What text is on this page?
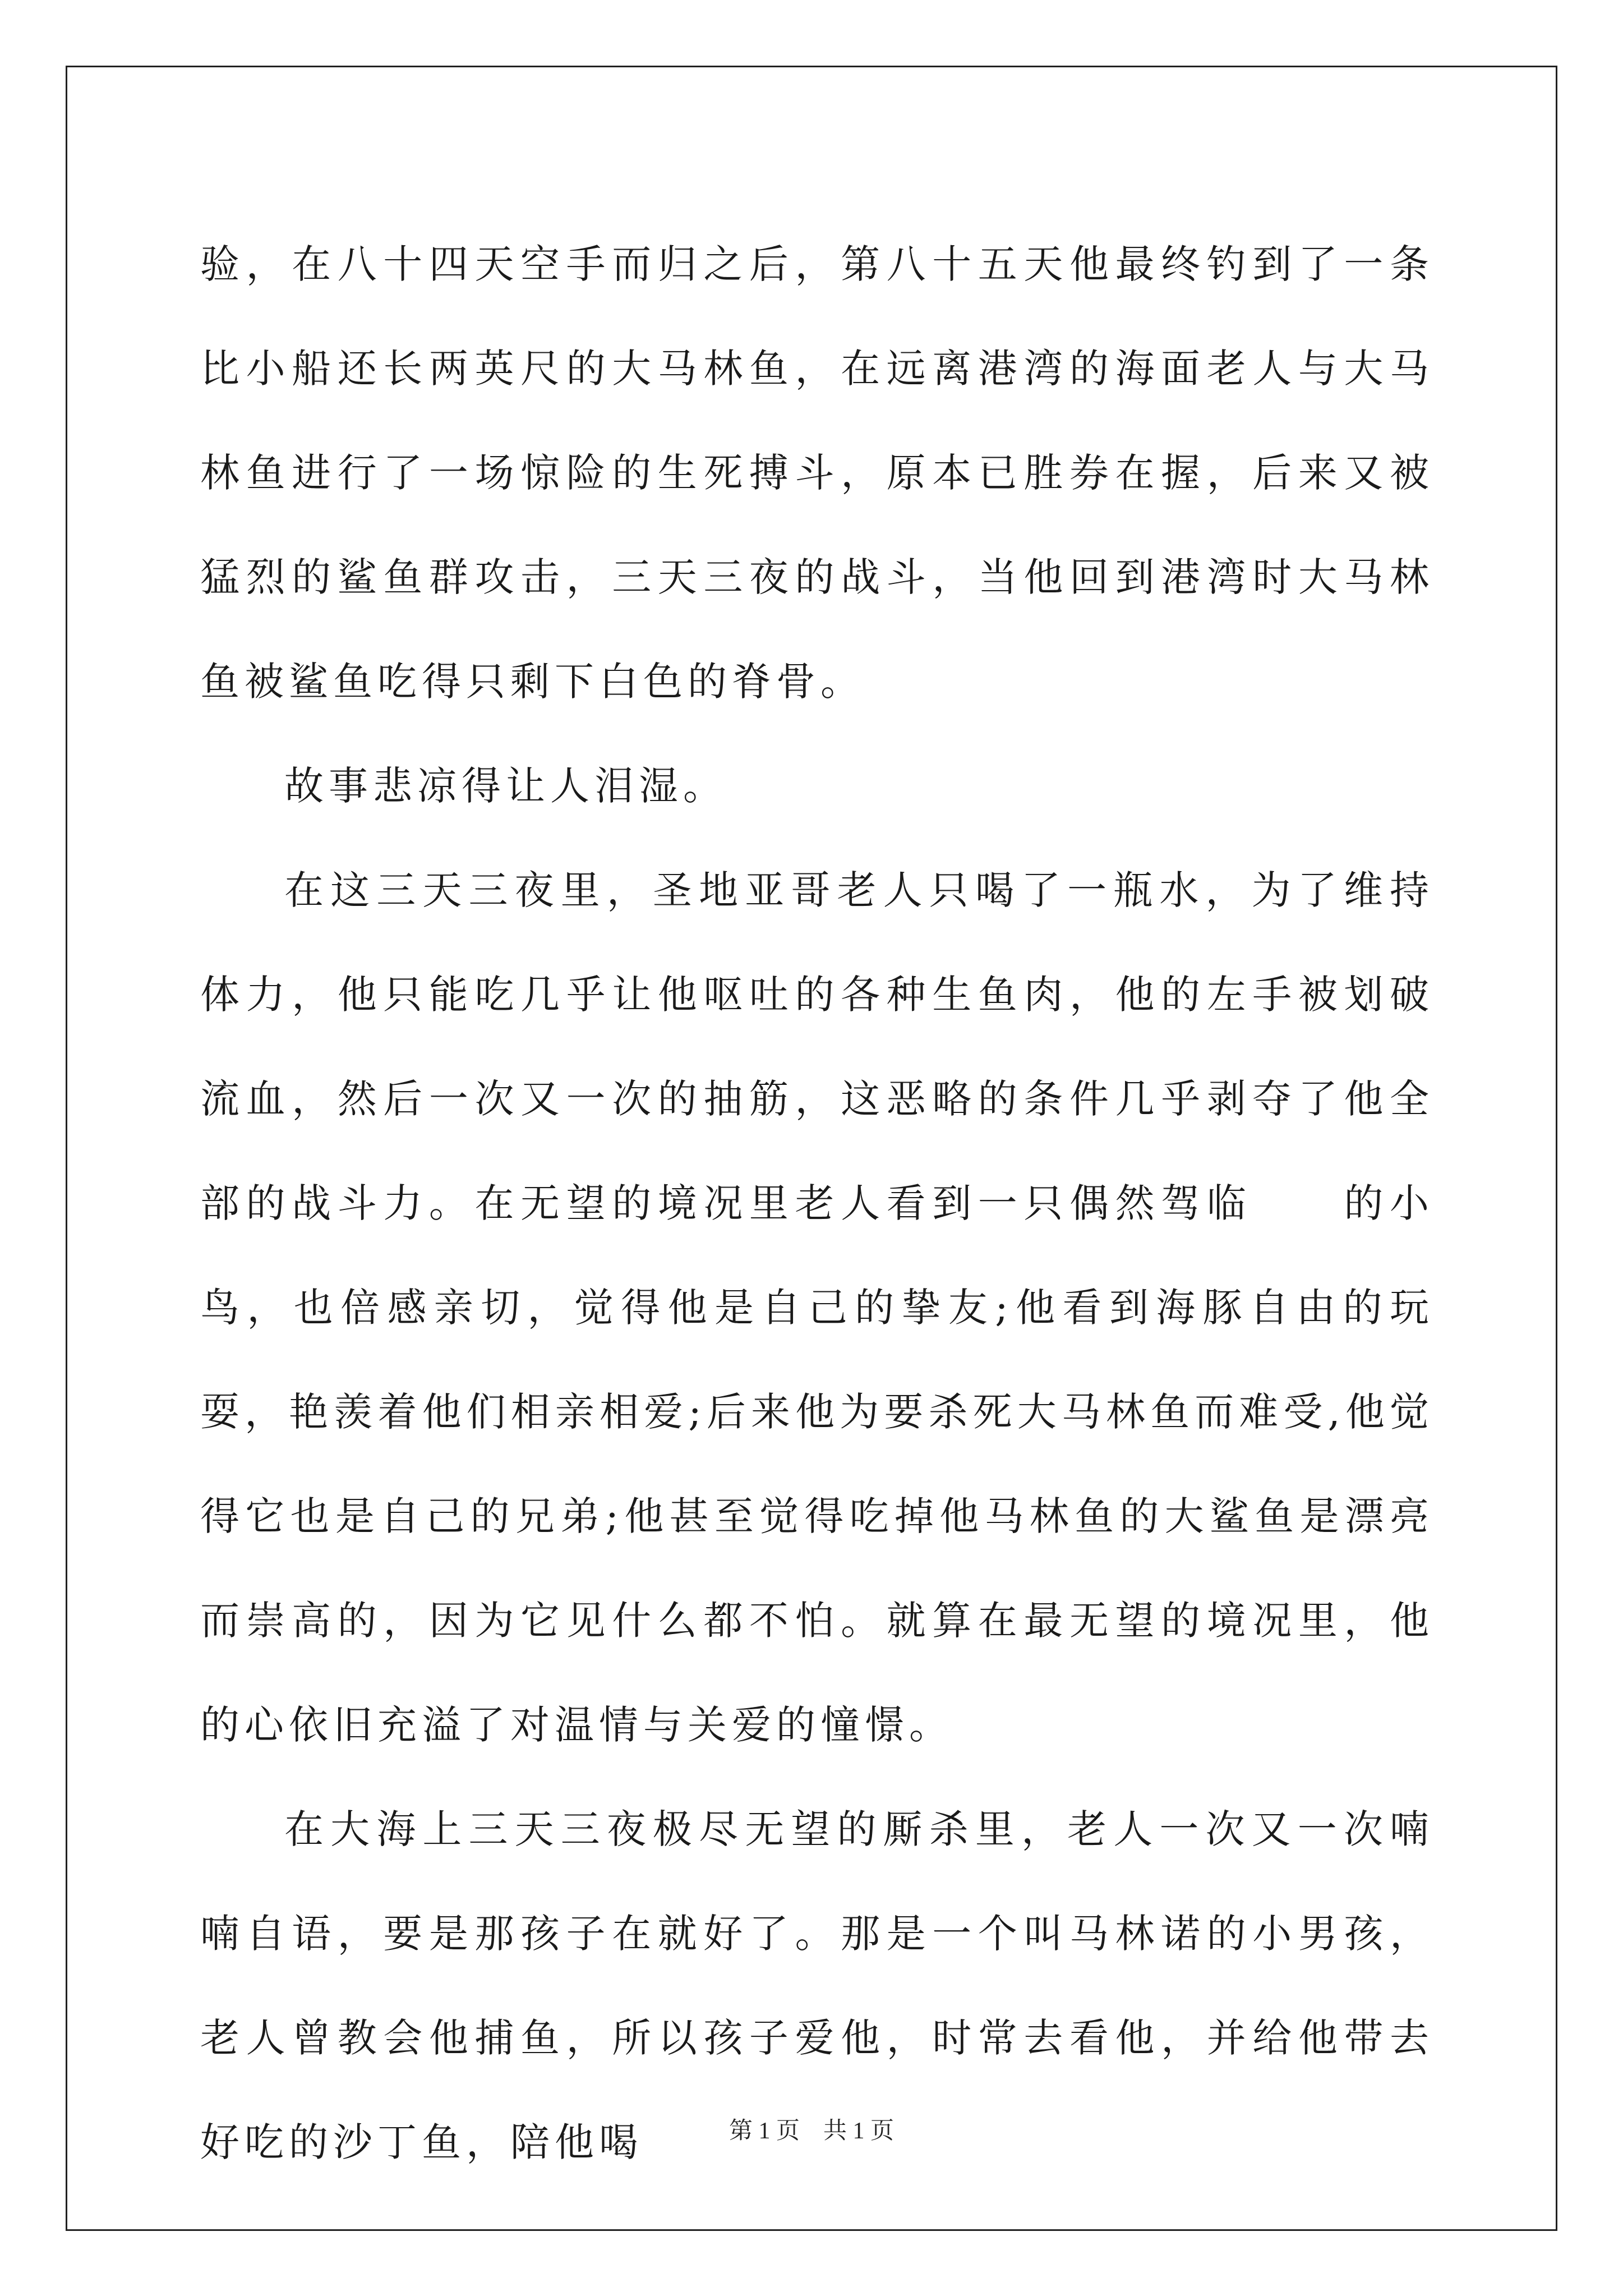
验，在八十四天空手而归之后，第八十五天他最终钓到了一条比小船还长两英尺的大马林鱼，在远离港湾的海面老人与大马林鱼进行了一场惊险的生死搏斗，原本已胜券在握，后来又被猛烈的鲨鱼群攻击，三天三夜的战斗，当他回到港湾时大马林鱼被鲨鱼吃得只剩下白色的脊骨。

故事悲凉得让人泪湿。

在这三天三夜里，圣地亚哥老人只喝了一瓶水，为了维持体力，他只能吃几乎让他呕吐的各种生鱼肉，他的左手被划破流血，然后一次又一次的抽筋，这恶略的条件几乎剥夺了他全部的战斗力。在无望的境况里老人看到一只偶然驾临　　的小鸟，也倍感亲切，觉得他是自己的挚友;他看到海豚自由的玩耍，艳羡着他们相亲相爱;后来他为要杀死大马林鱼而难受,他觉得它也是自己的兄弟;他甚至觉得吃掉他马林鱼的大鲨鱼是漂亮而崇高的，因为它见什么都不怕。就算在最无望的境况里，他的心依旧充溢了对温情与关爱的憧憬。

在大海上三天三夜极尽无望的厮杀里，老人一次又一次喃喃自语，要是那孩子在就好了。那是一个叫马林诺的小男孩，老人曾教会他捕鱼，所以孩子爱他，时常去看他，并给他带去好吃的沙丁鱼，陪他喝	第 1 页　共 1 页
